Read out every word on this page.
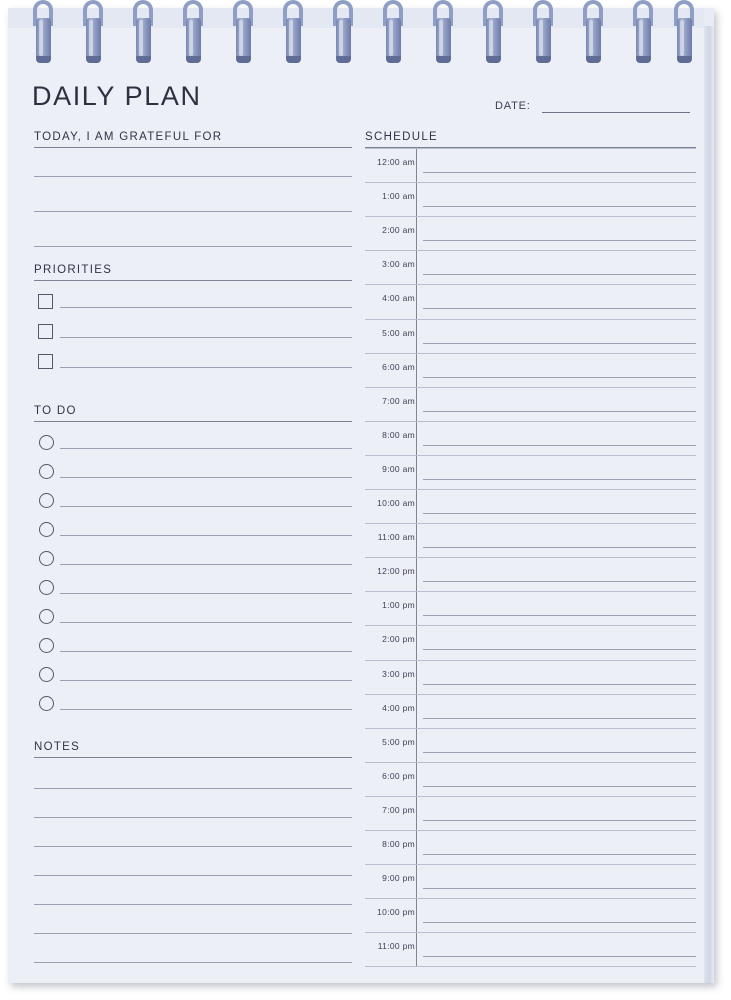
DAILY PLAN	DATE:
TODAY, I AM GRATEFUL FOR
PRIORITIES
TO DO
NOTES
SCHEDULE
12:00 am
1:00 am
2:00 am
3:00 am
4:00 am
5:00 am
6:00 am
7:00 am
8:00 am
9:00 am
10:00 am
11:00 am
12:00 pm
1:00 pm
2:00 pm
3:00 pm
4:00 pm
5:00 pm
6:00 pm
7:00 pm
8:00 pm
9:00 pm
10:00 pm
11:00 pm
